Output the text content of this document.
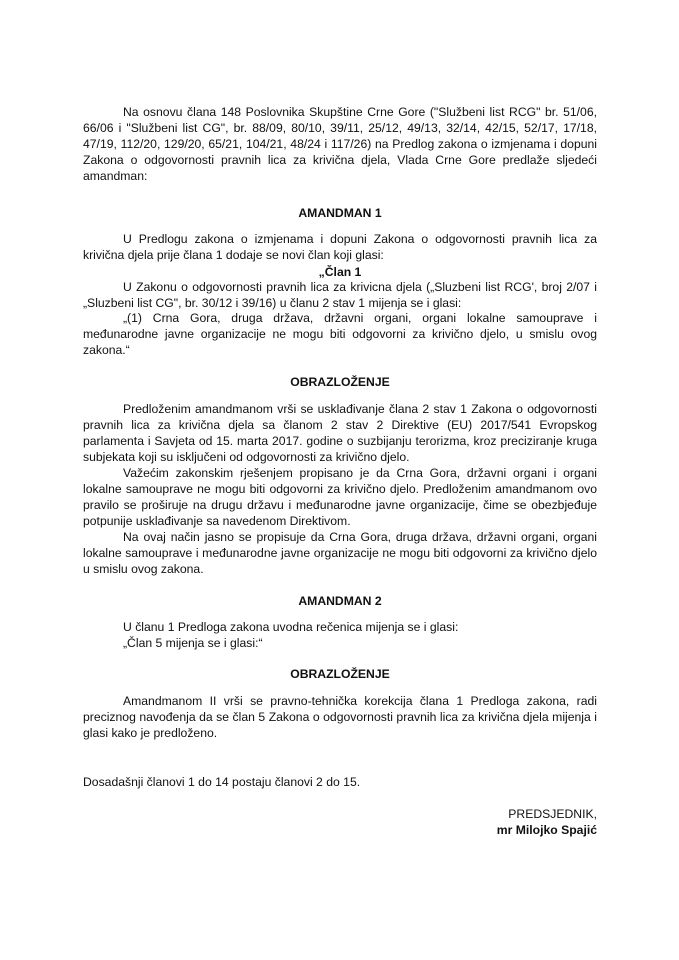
Na osnovu člana 148 Poslovnika Skupštine Crne Gore ("Službeni list RCG" br. 51/06, 66/06 i "Službeni list CG", br. 88/09, 80/10, 39/11, 25/12, 49/13, 32/14, 42/15, 52/17, 17/18, 47/19, 112/20, 129/20, 65/21, 104/21, 48/24 i 117/26) na Predlog zakona o izmjenama i dopuni Zakona o odgovornosti pravnih lica za krivična djela, Vlada Crne Gore predlaže sljedeći amandman:

AMANDMAN 1

U Predlogu zakona o izmjenama i dopuni Zakona o odgovornosti pravnih lica za krivična djela prije člana 1 dodaje se novi član koji glasi:

„Član 1

U Zakonu o odgovornosti pravnih lica za krivicna djela („Sluzbeni list RCG', broj 2/07 i „Sluzbeni list CG", br. 30/12 i 39/16) u članu 2 stav 1 mijenja se i glasi:

„(1) Crna Gora, druga država, državni organi, organi lokalne samouprave i međunarodne javne organizacije ne mogu biti odgovorni za krivično djelo, u smislu ovog zakona.“

OBRAZLOŽENJE

Predloženim amandmanom vrši se usklađivanje člana 2 stav 1 Zakona o odgovornosti pravnih lica za krivična djela sa članom 2 stav 2 Direktive (EU) 2017/541 Evropskog parlamenta i Savjeta od 15. marta 2017. godine o suzbijanju terorizma, kroz preciziranje kruga subjekata koji su isključeni od odgovornosti za krivično djelo.

Važećim zakonskim rješenjem propisano je da Crna Gora, državni organi i organi lokalne samouprave ne mogu biti odgovorni za krivično djelo. Predloženim amandmanom ovo pravilo se proširuje na drugu državu i međunarodne javne organizacije, čime se obezbjeđuje potpunije usklađivanje sa navedenom Direktivom.

Na ovaj način jasno se propisuje da Crna Gora, druga država, državni organi, organi lokalne samouprave i međunarodne javne organizacije ne mogu biti odgovorni za krivično djelo u smislu ovog zakona.

AMANDMAN 2

U članu 1 Predloga zakona uvodna rečenica mijenja se i glasi:

„Član 5 mijenja se i glasi:“

OBRAZLOŽENJE

Amandmanom II vrši se pravno-tehnička korekcija člana 1 Predloga zakona, radi preciznog navođenja da se član 5 Zakona o odgovornosti pravnih lica za krivična djela mijenja i glasi kako je predloženo.

Dosadašnji članovi 1 do 14 postaju članovi 2 do 15.

PREDSJEDNIK,

mr Milojko Spajić
